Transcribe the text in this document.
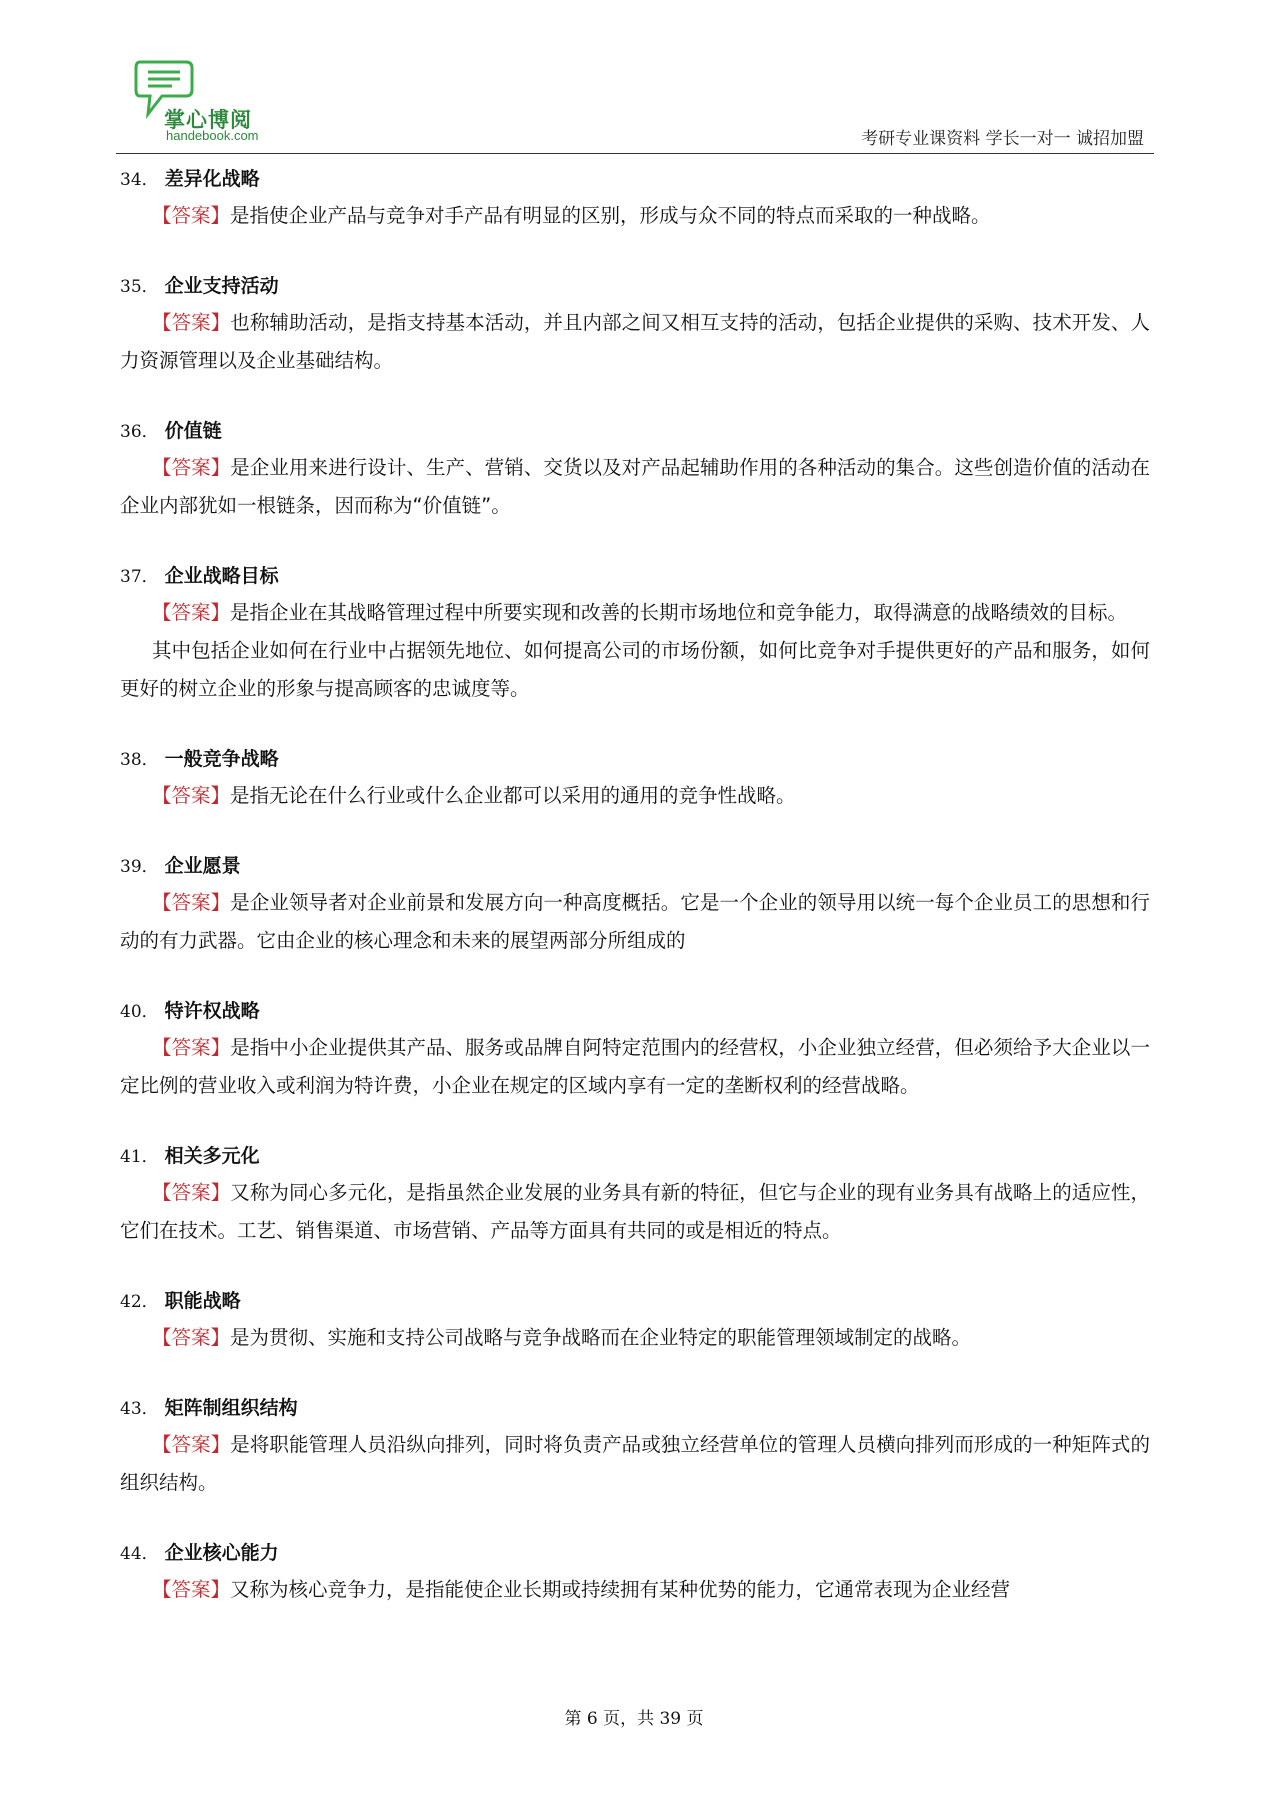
掌心博阅
handebook.com	考研专业课资料 学长一对一 诚招加盟
34． 差异化战略
【答案】是指使企业产品与竞争对手产品有明显的区别，形成与众不同的特点而采取的一种战略。
35． 企业支持活动
【答案】也称辅助活动，是指支持基本活动，并且内部之间又相互支持的活动，包括企业提供的采购、技术开发、人力资源管理以及企业基础结构。
36． 价值链
【答案】是企业用来进行设计、生产、营销、交货以及对产品起辅助作用的各种活动的集合。这些创造价值的活动在企业内部犹如一根链条，因而称为“价值链”。
37． 企业战略目标
【答案】是指企业在其战略管理过程中所要实现和改善的长期市场地位和竞争能力，取得满意的战略绩效的目标。
其中包括企业如何在行业中占据领先地位、如何提高公司的市场份额，如何比竞争对手提供更好的产品和服务，如何更好的树立企业的形象与提高顾客的忠诚度等。
38． 一般竞争战略
【答案】是指无论在什么行业或什么企业都可以采用的通用的竞争性战略。
39． 企业愿景
【答案】是企业领导者对企业前景和发展方向一种高度概括。它是一个企业的领导用以统一每个企业员工的思想和行动的有力武器。它由企业的核心理念和未来的展望两部分所组成的
40． 特许权战略
【答案】是指中小企业提供其产品、服务或品牌自阿特定范围内的经营权，小企业独立经营，但必须给予大企业以一定比例的营业收入或利润为特许费，小企业在规定的区域内享有一定的垄断权利的经营战略。
41． 相关多元化
【答案】又称为同心多元化，是指虽然企业发展的业务具有新的特征，但它与企业的现有业务具有战略上的适应性，它们在技术。工艺、销售渠道、市场营销、产品等方面具有共同的或是相近的特点。
42． 职能战略
【答案】是为贯彻、实施和支持公司战略与竞争战略而在企业特定的职能管理领域制定的战略。
43． 矩阵制组织结构
【答案】是将职能管理人员沿纵向排列，同时将负责产品或独立经营单位的管理人员横向排列而形成的一种矩阵式的组织结构。
44． 企业核心能力
【答案】又称为核心竞争力，是指能使企业长期或持续拥有某种优势的能力，它通常表现为企业经营
第 6 页，共 39 页
